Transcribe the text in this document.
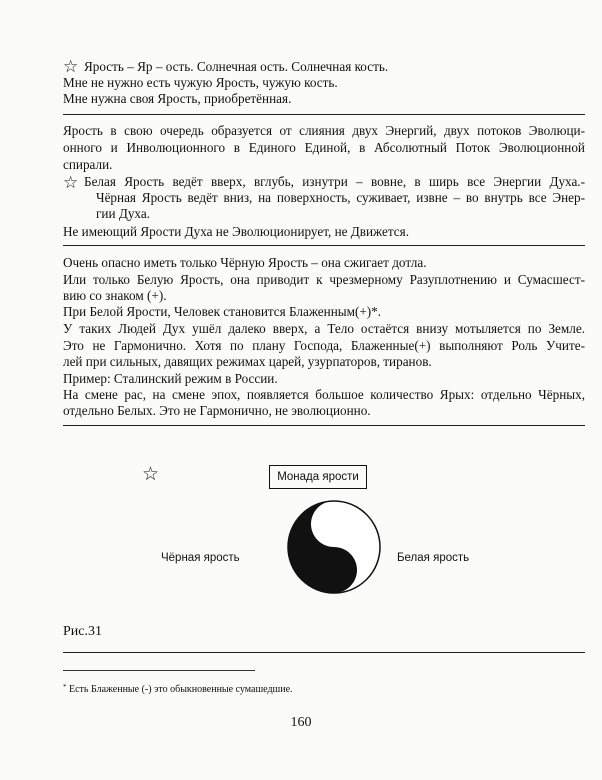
☆ Ярость – Яр – ость. Солнечная ость. Солнечная кость.
Мне не нужно есть чужую Ярость, чужую кость.
Мне нужна своя Ярость, приобретённая.
Ярость в свою очередь образуется от слияния двух Энергий, двух потоков Эволюци-
онного и Инволюционного в Единого Единой, в Абсолютный Поток Эволюционной
спирали.
☆ Белая Ярость ведёт вверх, вглубь, изнутри – вовне, в ширь все Энергии Духа.-
Чёрная Ярость ведёт вниз, на поверхность, суживает, извне – во внутрь все Энер-
гии Духа.
Не имеющий Ярости Духа не Эволюционирует, не Движется.
Очень опасно иметь только Чёрную Ярость – она сжигает дотла.
Или только Белую Ярость, она приводит к чрезмерному Разуплотнению и Сумасшест-
вию со знаком (+).
При Белой Ярости, Человек становится Блаженным(+)*.
У таких Людей Дух ушёл далеко вверх, а Тело остаётся внизу мотыляется по Земле.
Это не Гармонично. Хотя по плану Господа, Блаженные(+) выполняют Роль Учите-
лей при сильных, давящих режимах царей, узурпаторов, тиранов.
Пример: Сталинский режим в России.
На смене рас, на смене эпох, появляется большое количество Ярых: отдельно Чёрных,
отдельно Белых. Это не Гармонично, не эволюционно.
☆	Монада ярости
Чёрная ярость	Белая ярость
Рис.31
* Есть Блаженные (-) это обыкновенные сумашедшие.
160
